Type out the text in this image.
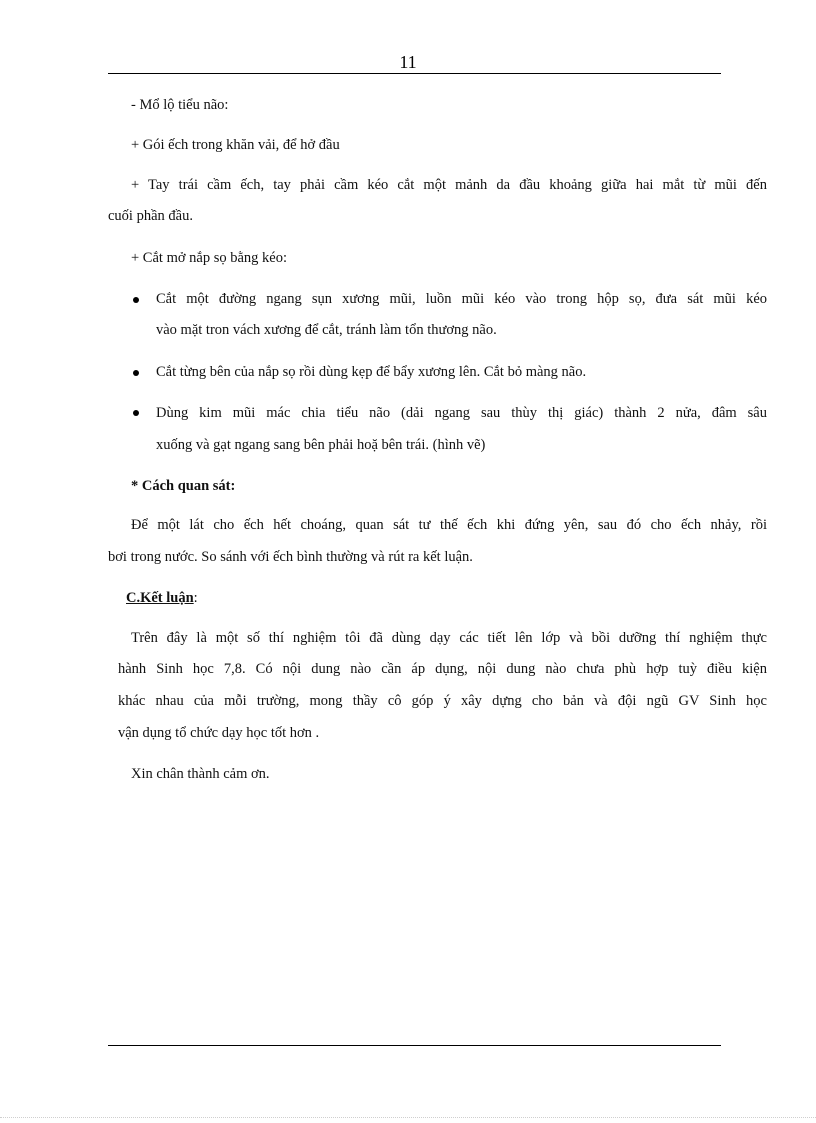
11
- Mổ lộ tiểu não:
+ Gói ếch trong khăn vải, để hở đầu
+ Tay trái cầm ếch, tay phải cầm kéo cắt một mảnh da đầu khoảng giữa hai mắt từ mũi đến
cuối phần đầu.
+ Cắt mở nắp sọ bằng kéo:
Cắt một đường ngang sụn xương mũi, luồn mũi kéo vào trong hộp sọ, đưa sát mũi kéo
vào mặt tron vách xương để cắt, tránh làm tổn thương não.
Cắt từng bên của nắp sọ rồi dùng kẹp để bẩy xương lên. Cắt bỏ màng não.
Dùng kim mũi mác chia tiểu não (dải ngang sau thùy thị giác) thành 2 nửa, đâm sâu
xuống và gạt ngang sang bên phải hoặ bên trái. (hình vẽ)
* Cách quan sát:
Để một lát cho ếch hết choáng, quan sát tư thế ếch khi đứng yên, sau đó cho ếch nhảy, rồi
bơi trong nước. So sánh với ếch bình thường và rút ra kết luận.
C.Kết luận:
Trên đây là một số thí nghiệm tôi đã dùng dạy các tiết lên lớp và bồi dưỡng thí nghiệm thực
hành Sinh học 7,8. Có nội dung nào cần áp dụng, nội dung nào chưa phù hợp tuỳ điều kiện
khác nhau của mỗi trường, mong thầy cô góp ý xây dựng cho bản và đội ngũ GV Sinh học
vận dụng tổ chức dạy học tốt hơn .
Xin chân thành cảm ơn.
